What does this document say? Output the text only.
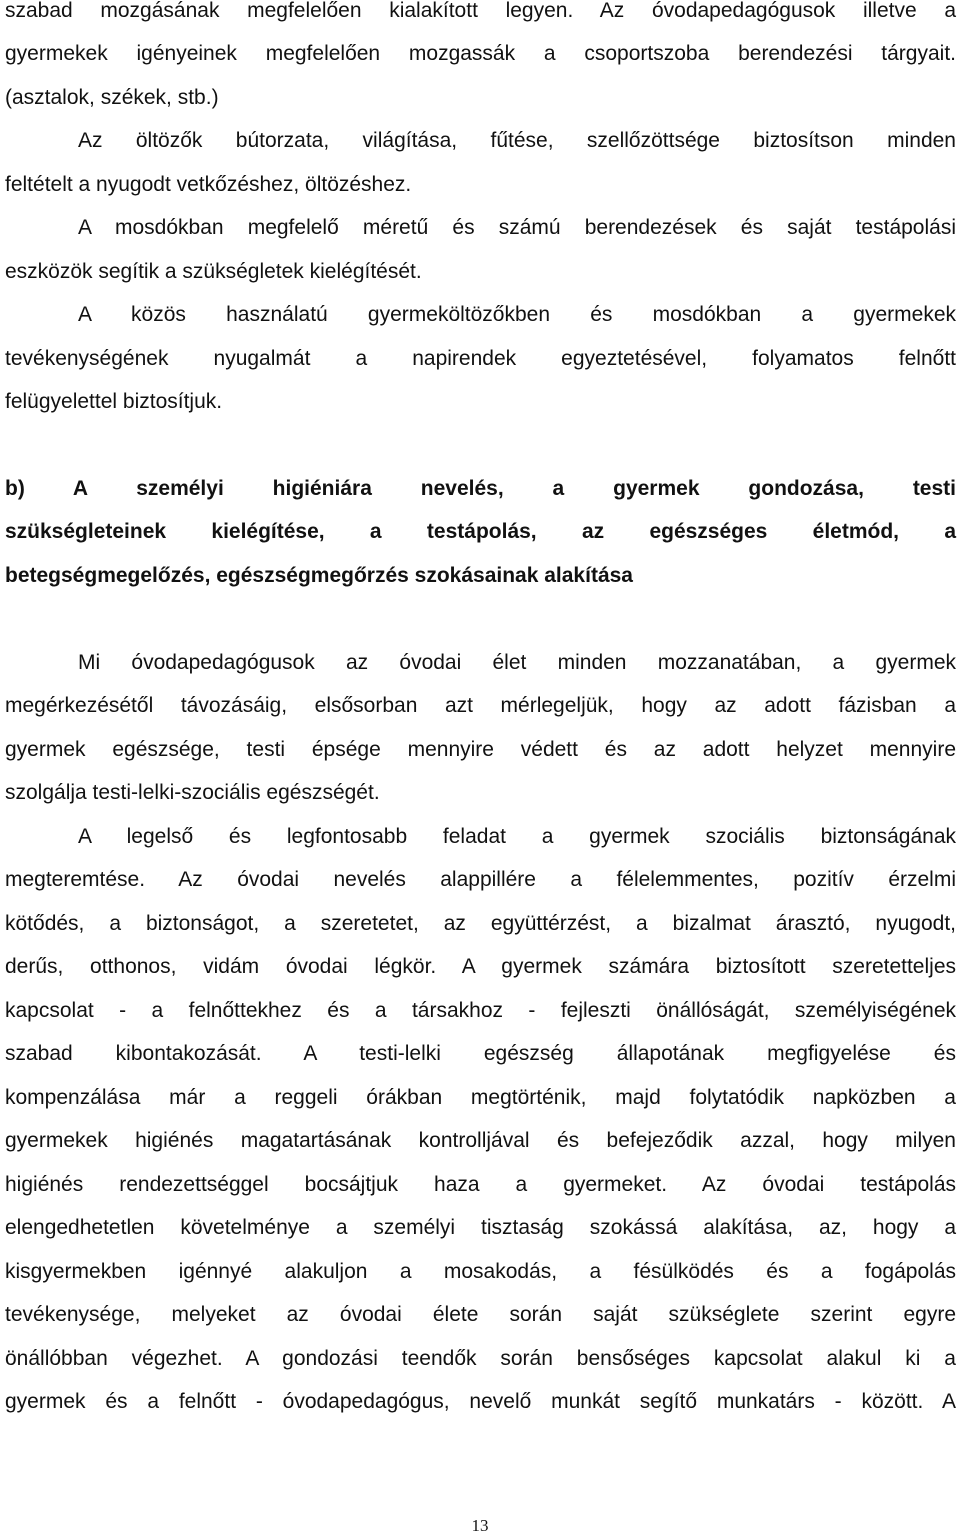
szabad mozgásának megfelelően kialakított legyen. Az óvodapedagógusok illetve a
gyermekek igényeinek megfelelően mozgassák a csoportszoba berendezési tárgyait.
(asztalok, székek, stb.)
Az öltözők bútorzata, világítása, fűtése, szellőzöttsége biztosítson minden
feltételt a nyugodt vetkőzéshez, öltözéshez.
A mosdókban megfelelő méretű és számú berendezések és saját testápolási
eszközök segítik a szükségletek kielégítését.
A közös használatú gyermeköltözőkben és mosdókban a gyermekek
tevékenységének nyugalmát a napirendek egyeztetésével, folyamatos felnőtt
felügyelettel biztosítjuk.
b) A személyi higiéniára nevelés, a gyermek gondozása, testi
szükségleteinek kielégítése, a testápolás, az egészséges életmód, a
betegségmegelőzés, egészségmegőrzés szokásainak alakítása
Mi óvodapedagógusok az óvodai élet minden mozzanatában, a gyermek
megérkezésétől távozásáig, elsősorban azt mérlegeljük, hogy az adott fázisban a
gyermek egészsége, testi épsége mennyire védett és az adott helyzet mennyire
szolgálja testi-lelki-szociális egészségét.
A legelső és legfontosabb feladat a gyermek szociális biztonságának
megteremtése. Az óvodai nevelés alappillére a félelemmentes, pozitív érzelmi
kötődés, a biztonságot, a szeretetet, az együttérzést, a bizalmat árasztó, nyugodt,
derűs, otthonos, vidám óvodai légkör. A gyermek számára biztosított szeretetteljes
kapcsolat - a felnőttekhez és a társakhoz - fejleszti önállóságát, személyiségének
szabad kibontakozását. A testi-lelki egészség állapotának megfigyelése és
kompenzálása már a reggeli órákban megtörténik, majd folytatódik napközben a
gyermekek higiénés magatartásának kontrolljával és befejeződik azzal, hogy milyen
higiénés rendezettséggel bocsájtjuk haza a gyermeket. Az óvodai testápolás
elengedhetetlen követelménye a személyi tisztaság szokássá alakítása, az, hogy a
kisgyermekben igénnyé alakuljon a mosakodás, a fésülködés és a fogápolás
tevékenysége, melyeket az óvodai élete során saját szükséglete szerint egyre
önállóbban végezhet. A gondozási teendők során bensőséges kapcsolat alakul ki a
gyermek és a felnőtt - óvodapedagógus, nevelő munkát segítő munkatárs - között. A
13
